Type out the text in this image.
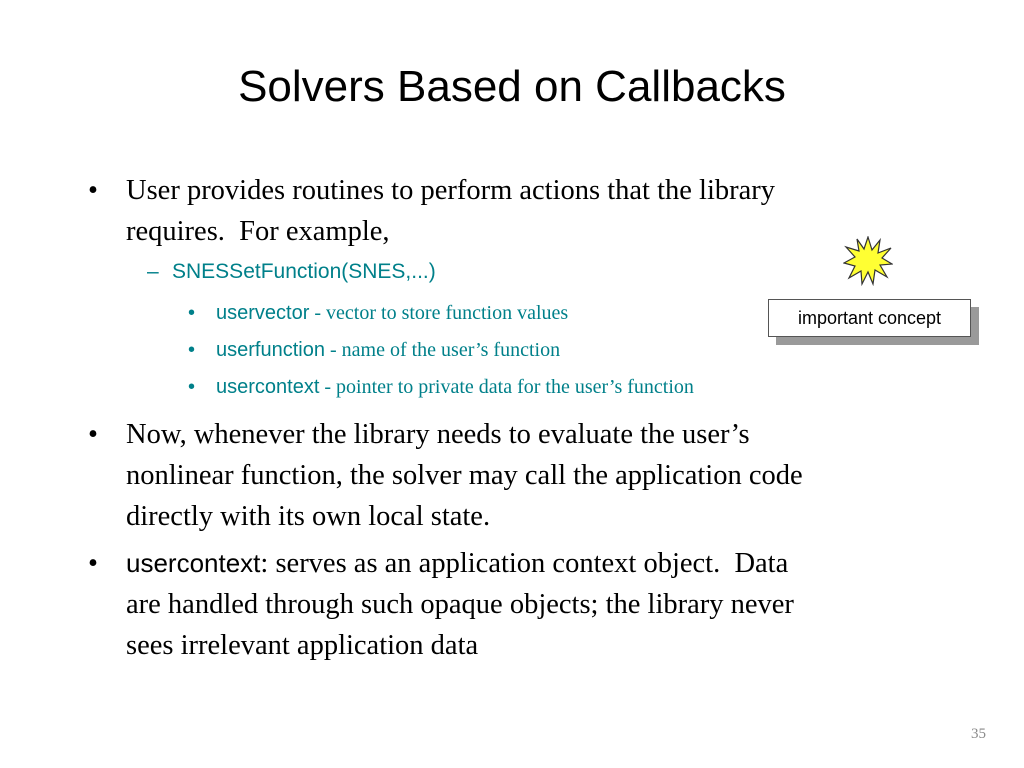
Solvers Based on Callbacks
• User provides routines to perform actions that the library
requires.  For example,
– SNESSetFunction(SNES,...)
• uservector - vector to store function values
• userfunction - name of the user’s function
• usercontext - pointer to private data for the user’s function
• Now, whenever the library needs to evaluate the user’s
nonlinear function, the solver may call the application code
directly with its own local state.
•	usercontext: serves as an application context object.  Data
are handled through such opaque objects; the library never
sees irrelevant application data
important concept
35
